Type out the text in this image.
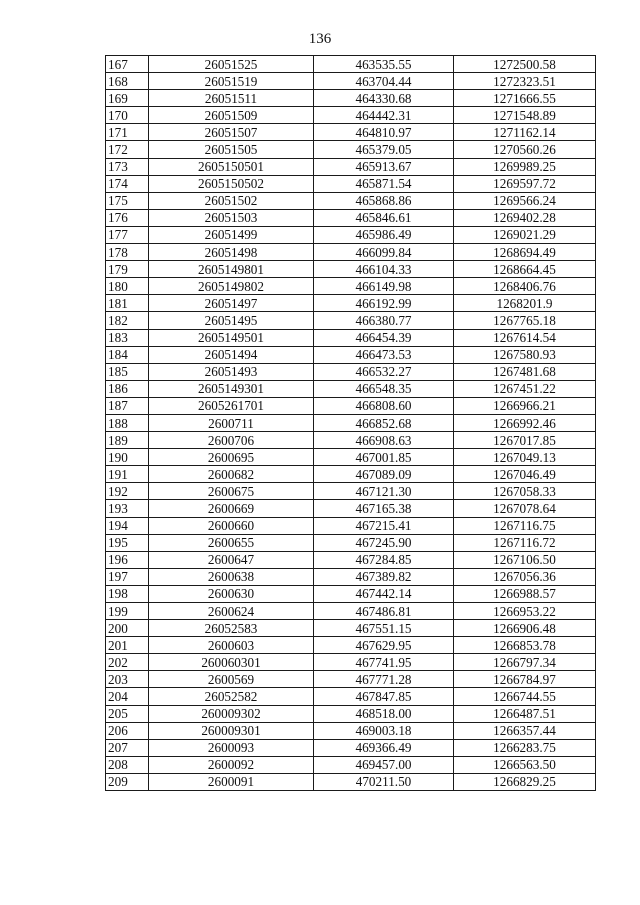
136
167	26051525	463535.55	1272500.58
168	26051519	463704.44	1272323.51
169	26051511	464330.68	1271666.55
170	26051509	464442.31	1271548.89
171	26051507	464810.97	1271162.14
172	26051505	465379.05	1270560.26
173	2605150501	465913.67	1269989.25
174	2605150502	465871.54	1269597.72
175	26051502	465868.86	1269566.24
176	26051503	465846.61	1269402.28
177	26051499	465986.49	1269021.29
178	26051498	466099.84	1268694.49
179	2605149801	466104.33	1268664.45
180	2605149802	466149.98	1268406.76
181	26051497	466192.99	1268201.9
182	26051495	466380.77	1267765.18
183	2605149501	466454.39	1267614.54
184	26051494	466473.53	1267580.93
185	26051493	466532.27	1267481.68
186	2605149301	466548.35	1267451.22
187	2605261701	466808.60	1266966.21
188	2600711	466852.68	1266992.46
189	2600706	466908.63	1267017.85
190	2600695	467001.85	1267049.13
191	2600682	467089.09	1267046.49
192	2600675	467121.30	1267058.33
193	2600669	467165.38	1267078.64
194	2600660	467215.41	1267116.75
195	2600655	467245.90	1267116.72
196	2600647	467284.85	1267106.50
197	2600638	467389.82	1267056.36
198	2600630	467442.14	1266988.57
199	2600624	467486.81	1266953.22
200	26052583	467551.15	1266906.48
201	2600603	467629.95	1266853.78
202	260060301	467741.95	1266797.34
203	2600569	467771.28	1266784.97
204	26052582	467847.85	1266744.55
205	260009302	468518.00	1266487.51
206	260009301	469003.18	1266357.44
207	2600093	469366.49	1266283.75
208	2600092	469457.00	1266563.50
209	2600091	470211.50	1266829.25
